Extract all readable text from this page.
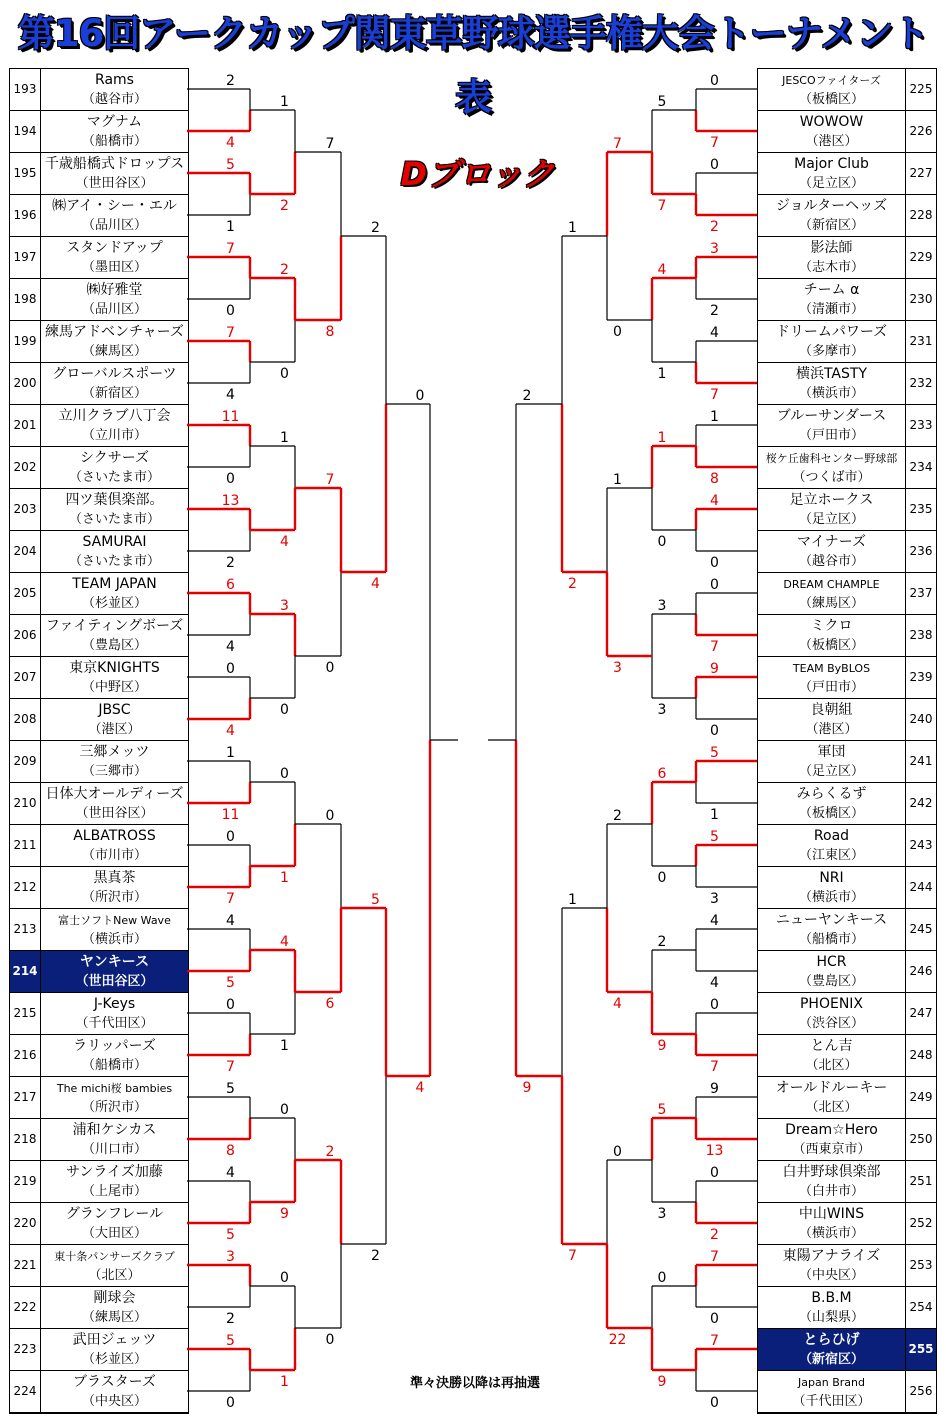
第16回アークカップ関東草野球選手権大会トーナメント表
Dブロック
193
Rams
（越谷市）
194
マグナム
（船橋市）
195
千歳船橋式ドロップス
（世田谷区）
196
㈱アイ・シー・エル
（品川区）
197
スタンドアップ
（墨田区）
198
㈱好雅堂
（品川区）
199
練馬アドベンチャーズ
（練馬区）
200
グローバルスポーツ
（新宿区）
201
立川クラブ八丁会
（立川市）
202
シクサーズ
（さいたま市）
203
四ツ葉倶楽部。
（さいたま市）
204
SAMURAI
（さいたま市）
205
TEAM JAPAN
（杉並区）
206
ファイティングボーズ
（豊島区）
207
東京KNIGHTS
（中野区）
208
JBSC
（港区）
209
三郷メッツ
（三郷市）
210
日体大オールディーズ
（世田谷区）
211
ALBATROSS
（市川市）
212
黒真茶
（所沢市）
213
富士ソフトNew Wave
（横浜市）
214
ヤンキース
（世田谷区）
215
J-Keys
（千代田区）
216
ラリッパーズ
（船橋市）
217
The michi桜 bambies
（所沢市）
218
浦和ケシカス
（川口市）
219
サンライズ加藤
（上尾市）
220
グランフレール
（大田区）
221
東十条パンサーズクラブ
（北区）
222
剛球会
（練馬区）
223
武田ジェッツ
（杉並区）
224
ブラスターズ
（中央区）
225
JESCOファイターズ
（板橋区）
226
WOWOW
（港区）
227
Major Club
（足立区）
228
ジョルターヘッズ
（新宿区）
229
影法師
（志木市）
230
チーム α
（清瀬市）
231
ドリームパワーズ
（多摩市）
232
横浜TASTY
（横浜市）
233
ブルーサンダース
（戸田市）
234
桜ケ丘歯科センター野球部
（つくば市）
235
足立ホークス
（足立区）
236
マイナーズ
（越谷市）
237
DREAM CHAMPLE
（練馬区）
238
ミクロ
（板橋区）
239
TEAM ByBLOS
（戸田市）
240
良朝組
（港区）
241
軍団
（足立区）
242
みらくるず
（板橋区）
243
Road
（江東区）
244
NRI
（横浜市）
245
ニューヤンキース
（船橋市）
246
HCR
（豊島区）
247
PHOENIX
（渋谷区）
248
とん吉
（北区）
249
オールドルーキー
（北区）
250
Dream☆Hero
（西東京市）
251
白井野球倶楽部
（白井市）
252
中山WINS
（横浜市）
253
東陽アナライズ
（中央区）
254
B.B.M
（山梨県）
255
とらひげ
（新宿区）
256
Japan Brand
（千代田区）
2
4
5
1
7
0
7
4
11
0
13
2
6
4
0
4
1
11
0
7
4
5
0
7
5
8
4
5
3
2
5
0
1
2
2
0
1
4
3
0
0
1
4
1
0
9
0
1
7
8
7
0
0
6
2
0
2
4
5
2
0
4
0
7
0
2
3
2
4
7
1
8
4
0
0
7
9
0
5
1
5
3
4
4
0
7
9
13
0
2
7
0
7
0
5
7
4
1
1
0
3
3
6
0
2
9
5
3
0
9
7
0
1
3
2
4
0
22
1
2
1
7
2
9
準々決勝以降は再抽選
